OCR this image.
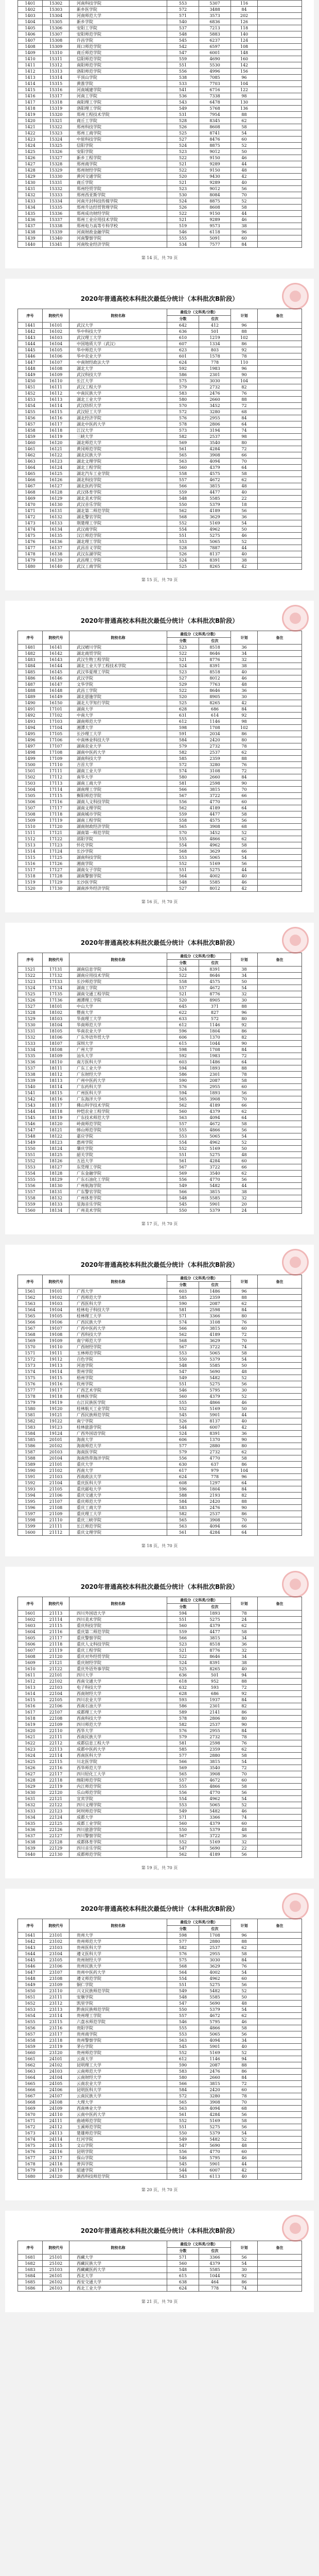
1401	15302	河南科技学院	553	5307	116	
1402	15303	新乡医学院	572	3488	84	
1403	15304	河南师范大学	571	3573	202	
1404	15305	新乡学院	540	6836	126	
1405	15306	安阳工学院	537	7213	118	
1406	15307	安阳师范学院	548	5883	140	
1407	15308	许昌学院	545	6237	124	
1408	15309	周口师范学院	542	6597	108	
1409	15310	商丘师范学院	547	6001	148	
1410	15311	信阳师范学院	559	4690	160	
1411	15312	南阳师范学院	551	5530	142	
1412	15313	洛阳师范学院	556	4996	156	
1413	15314	平顶山学院	538	7085	96	
1414	15315	黄淮学院	533	7703	104	
1415	15316	河南城建学院	541	6716	122	
1416	15317	河南工学院	536	7338	98	
1417	15318	南阳理工学院	543	6478	130	
1418	15319	洛阳理工学院	549	5768	136	
1419	15320	郑州工程技术学院	531	7954	88	
1420	15321	商丘工学院	528	8345	62	
1421	15322	郑州科技学院	526	8608	58	
1422	15323	郑州工商学院	525	8741	54	
1423	15324	中原科技学院	527	8476	60	
1424	15325	信阳学院	524	8875	52	
1425	15326	安阳学院	523	9012	50	
1426	15327	新乡工程学院	522	9150	46	
1427	15328	郑州商学院	521	9289	44	
1428	15329	郑州财经学院	522	9150	48	
1429	15330	黄河交通学院	520	9430	42	
1430	15331	商丘学院	521	9289	40	
1431	15332	郑州经贸学院	523	9012	56	
1432	15333	郑州西亚斯学院	530	8084	70	
1433	15334	河南开封科技传媒学院	524	8875	52	
1434	15335	郑州升达经贸管理学院	526	8608	58	
1435	15336	郑州成功财经学院	522	9150	44	
1436	15337	郑州工业应用技术学院	521	9289	46	
1437	15338	郑州电力高等专科学校	519	9573	38	
1438	15339	河南财政金融学院	546	6118	96	
1439	15340	河南警察学院	555	5091	60	
1440	15341	河南牧业经济学院	534	7577	84	
第 14 页，共 70 页
2020年普通高校本科批次最低分统计（本科批次B阶段）
序号	院校代号	院校名称	最低分（文科类/分数）		计划	备注
			分数	位次		
1441	16101	武汉大学	642	412	96	
1442	16102	华中科技大学	636	501	88	
1443	16103	武汉理工大学	610	1219	102	
1444	16104	中国地质大学（武汉）	607	1334	86	
1445	16105	华中师范大学	623	803	92	
1446	16106	华中农业大学	601	1578	78	
1447	16107	中南财经政法大学	624	778	110	
1448	16108	湖北大学	592	1983	96	
1449	16109	武汉科技大学	586	2301	90	
1450	16110	长江大学	575	3030	104	
1451	16111	武汉工程大学	579	2732	82	
1452	16112	中南民族大学	583	2476	76	
1453	16113	湖北工业大学	580	2660	88	
1454	16114	武汉纺织大学	570	3452	72	
1455	16115	武汉轻工大学	572	3280	68	
1456	16116	湖北经济学院	576	2955	84	
1457	16117	湖北中医药大学	578	2806	64	
1458	16118	江汉大学	573	3194	74	
1459	16119	三峡大学	582	2537	98	
1460	16120	湖北师范大学	569	3540	80	
1461	16121	黄冈师范学院	561	4284	72	
1462	16122	湖北民族大学	565	3908	66	
1463	16123	湖北文理学院	563	4094	70	
1464	16124	湖北工程学院	560	4379	64	
1465	16125	湖北汽车工业学院	558	4575	58	
1466	16126	湖北科技学院	557	4672	62	
1467	16127	湖北医药学院	566	3815	48	
1468	16128	武汉体育学院	559	4477	40	
1469	16129	湖北美术学院	548	5585	22	
1470	16130	武汉音乐学院	550	5379	18	
1471	16131	湖北第二师范学院	562	4189	56	
1472	16132	湖北警官学院	568	3629	36	
1473	16133	荆楚理工学院	552	5169	54	
1474	16134	武汉商学院	554	4962	50	
1475	16135	汉江师范学院	551	5275	46	
1476	16136	湖北理工学院	553	5065	52	
1477	16137	武昌首义学院	528	7887	44	
1478	16138	武汉东湖学院	526	8137	40	
1479	16139	武昌理工学院	524	8391	38	
1480	16140	武汉工商学院	525	8265	42	
第 15 页，共 70 页
2020年普通高校本科批次最低分统计（本科批次B阶段）
序号	院校代号	院校名称	最低分（文科类/分数）		计划	备注
			分数	位次		
1481	16141	武汉晴川学院	523	8518	36	
1482	16142	湖北商贸学院	522	8646	34	
1483	16143	武汉生物工程学院	521	8776	32	
1484	16144	湖北工业大学工程技术学院	524	8391	38	
1485	16145	武汉华夏理工学院	523	8518	40	
1486	16146	武汉学院	527	8012	46	
1487	16147	文华学院	529	7763	48	
1488	16148	武昌工学院	522	8646	36	
1489	16149	湖北恩施学院	520	8905	30	
1490	16150	湖北大学知行学院	525	8265	42	
1491	17101	湖南大学	628	686	84	
1492	17102	中南大学	631	614	92	
1493	17103	湖南师范大学	612	1146	98	
1494	17104	湘潭大学	598	1708	102	
1495	17105	长沙理工大学	591	2034	86	
1496	17106	中南林业科技大学	584	2420	80	
1497	17107	湖南农业大学	579	2732	78	
1498	17108	湖南中医药大学	582	2537	62	
1499	17109	湖南科技大学	585	2359	88	
1500	17110	吉首大学	572	3280	76	
1501	17111	湖南工业大学	574	3108	72	
1502	17112	南华大学	580	2660	84	
1503	17113	湖南工商大学	581	2598	90	
1504	17114	湖南理工学院	566	3815	70	
1505	17115	衡阳师范学院	567	3722	66	
1506	17116	湖南人文科技学院	556	4770	60	
1507	17117	湖南文理学院	562	4189	64	
1508	17118	湖南城市学院	559	4477	58	
1509	17119	湖南工程学院	558	4575	56	
1510	17120	湖南财政经济学院	565	3908	68	
1511	17121	湖南第一师范学院	570	3452	52	
1512	17122	邵阳学院	555	4866	62	
1513	17123	怀化学院	554	4962	58	
1514	17124	长沙学院	568	3629	66	
1515	17125	湖南科技学院	553	5065	54	
1516	17126	湘南学院	552	5169	56	
1517	17127	湖南女子学院	551	5275	44	
1518	17128	湖南警察学院	564	4002	40	
1519	17129	长沙医学院	548	5585	46	
1520	17130	湖南涉外经济学院	527	8012	42	
第 16 页，共 70 页
2020年普通高校本科批次最低分统计（本科批次B阶段）
序号	院校代号	院校名称	最低分（文科类/分数）		计划	备注
			分数	位次		
1521	17131	湖南信息学院	524	8391	38	
1522	17132	湖南应用技术学院	522	8646	34	
1523	17133	长沙师范学院	558	4575	50	
1524	17134	湖南工学院	557	4672	54	
1525	17135	湖南交通工程学院	521	8776	32	
1526	17136	湘潭理工学院	520	8905	30	
1527	18101	中山大学	645	371	88	
1528	18102	暨南大学	622	827	96	
1529	18103	华南理工大学	633	572	80	
1530	18104	华南师范大学	612	1146	92	
1531	18105	华南农业大学	596	1804	86	
1532	18106	广东外语外贸大学	606	1370	82	
1533	18107	深圳大学	615	1044	90	
1534	18108	广州大学	598	1708	84	
1535	18109	汕头大学	592	1983	72	
1536	18110	南方医科大学	603	1486	64	
1537	18111	广东工业大学	594	1893	88	
1538	18112	广东财经大学	586	2301	78	
1539	18113	广州中医药大学	590	2087	58	
1540	18114	广东药科大学	576	2955	60	
1541	18115	广州医科大学	594	1893	56	
1542	18116	广东海洋大学	565	3908	70	
1543	18117	佛山科学技术学院	562	4189	66	
1544	18118	仲恺农业工程学院	560	4379	62	
1545	18119	广东技术师范大学	563	4094	64	
1546	18120	岭南师范学院	557	4672	58	
1547	18121	韩山师范学院	555	4866	56	
1548	18122	嘉应学院	553	5065	54	
1549	18123	惠州学院	554	4962	52	
1550	18124	肇庆学院	552	5169	50	
1551	18125	韶关学院	551	5275	48	
1552	18126	五邑大学	561	4284	60	
1553	18127	东莞理工学院	567	3722	66	
1554	18128	广东金融学院	569	3540	62	
1555	18129	广东石油化工学院	556	4770	56	
1556	18130	广州航海学院	549	5482	44	
1557	18131	广东警官学院	566	3815	38	
1558	18132	广州体育学院	548	5585	32	
1559	18133	星海音乐学院	545	5901	20	
1560	18134	广州美术学院	550	5379	24	
第 17 页，共 70 页
2020年普通高校本科批次最低分统计（本科批次B阶段）
序号	院校代号	院校名称	最低分（文科类/分数）		计划	备注
			分数	位次		
1561	19101	广西大学	603	1486	96	
1562	19102	广西师范大学	585	2359	88	
1563	19103	广西医科大学	590	2087	62	
1564	19104	桂林电子科技大学	581	2598	84	
1565	19105	桂林理工大学	571	3366	80	
1566	19106	广西民族大学	574	3108	76	
1567	19107	广西中医药大学	566	3815	60	
1568	19108	广西科技大学	562	4189	72	
1569	19109	南宁师范大学	568	3629	70	
1570	19110	广西财经学院	567	3722	74	
1571	19111	玉林师范学院	553	5065	58	
1572	19112	百色学院	550	5379	54	
1573	19113	河池学院	548	5585	50	
1574	19114	贺州学院	547	5690	48	
1575	19115	梧州学院	549	5482	52	
1576	19116	钦州学院	551	5275	56	
1577	19117	广西艺术学院	546	5795	30	
1578	19118	桂林医学院	560	4379	52	
1579	19119	右江民族医学院	555	4866	46	
1580	19120	桂林航天工业学院	552	5169	50	
1581	19121	广西民族师范学院	545	5901	44	
1582	19122	南宁学院	526	8137	40	
1583	19123	桂林旅游学院	544	6007	42	
1584	19124	广西外国语学院	524	8391	36	
1585	20101	海南大学	606	1370	90	
1586	20102	海南师范大学	577	2880	80	
1587	20103	海南医学院	579	2732	62	
1588	20104	海南热带海洋学院	556	4770	58	
1589	21101	重庆大学	630	637	86	
1590	21102	西南大学	617	979	104	
1591	21103	西南政法大学	624	778	96	
1592	21104	重庆医科大学	608	1297	64	
1593	21105	重庆邮电大学	596	1804	84	
1594	21106	重庆交通大学	588	2193	82	
1595	21107	重庆师范大学	584	2420	88	
1596	21108	重庆工商大学	583	2476	90	
1597	21109	重庆理工大学	582	2537	86	
1598	21110	重庆三峡学院	565	3908	70	
1599	21111	长江师范学院	563	4094	66	
1600	21112	重庆文理学院	561	4284	64	
第 18 页，共 70 页
2020年普通高校本科批次最低分统计（本科批次B阶段）
序号	院校代号	院校名称	最低分（文科类/分数）		计划	备注
			分数	位次		
1601	21113	四川外国语大学	594	1893	78	
1602	21114	四川美术学院	551	5275	24	
1603	21115	重庆科技学院	560	4379	62	
1604	21116	重庆第二师范学院	559	4477	58	
1605	21117	重庆警察学院	566	3815	34	
1606	21118	重庆人文科技学院	523	8518	36	
1607	21119	重庆工程学院	521	8776	32	
1608	21120	重庆对外经贸学院	522	8646	34	
1609	21121	重庆财经学院	524	8391	38	
1610	21122	重庆外语外事学院	525	8265	40	
1611	22101	四川大学	636	501	94	
1612	22102	西南交通大学	618	952	88	
1613	22103	电子科技大学	632	593	72	
1614	22104	西南财经大学	628	686	92	
1615	22105	四川农业大学	593	1937	84	
1616	22106	西南石油大学	586	2301	82	
1617	22107	成都理工大学	589	2141	86	
1618	22108	西南科技大学	578	2806	80	
1619	22109	四川师范大学	582	2537	90	
1620	22110	西华大学	576	2955	84	
1621	22111	西南民族大学	579	2732	78	
1622	22112	成都信息工程大学	581	2598	76	
1623	22113	成都中医药大学	585	2359	62	
1624	22114	西南医科大学	577	2880	58	
1625	22115	川北医学院	566	3815	54	
1626	22116	西华师范大学	569	3540	72	
1627	22117	四川轻化工大学	565	3908	70	
1628	22118	绵阳师范学院	557	4672	60	
1629	22119	内江师范学院	555	4866	58	
1630	22120	乐山师范学院	556	4770	56	
1631	22121	宜宾学院	554	4962	54	
1632	22122	四川文理学院	553	5065	52	
1633	22123	阿坝师范学院	549	5482	46	
1634	22124	成都大学	571	3366	74	
1635	22125	成都工业学院	560	4379	60	
1636	22126	四川旅游学院	550	5379	48	
1637	22127	四川警察学院	567	3722	36	
1638	22128	成都体育学院	552	5169	32	
1639	22129	四川音乐学院	547	5690	22	
1640	22130	成都师范学院	562	4189	56	
第 19 页，共 70 页
2020年普通高校本科批次最低分统计（本科批次B阶段）
序号	院校代号	院校名称	最低分（文科类/分数）		计划	备注
			分数	位次		
1641	23101	贵州大学	598	1708	96	
1642	23102	贵州师范大学	577	2880	88	
1643	23103	贵州医科大学	582	2537	62	
1644	23104	遵义医科大学	576	2955	58	
1645	23105	贵州财经大学	575	3030	84	
1646	23106	贵州民族大学	568	3629	76	
1647	23107	贵州中医药大学	564	4002	54	
1648	23108	遵义师范学院	554	4962	60	
1649	23109	铜仁学院	551	5275	56	
1650	23110	兴义民族师范学院	549	5482	52	
1651	23111	安顺学院	548	5585	50	
1652	23112	凯里学院	547	5690	48	
1653	23113	黔南民族师范学院	550	5379	54	
1654	23114	贵州理工学院	557	4672	62	
1655	23115	六盘水师范学院	546	5795	46	
1656	23116	贵阳学院	555	4866	58	
1657	23117	贵州商学院	553	5065	56	
1658	23118	贵州警察学院	563	4094	34	
1659	23119	茅台学院	545	5901	40	
1660	23120	贵州师范学院	552	5169	52	
1661	24101	云南大学	612	1146	94	
1662	24102	昆明理工大学	590	2087	88	
1663	24103	云南师范大学	583	2476	86	
1664	24104	云南财经大学	580	2660	84	
1665	24105	云南农业大学	566	3815	72	
1666	24106	昆明医科大学	584	2420	60	
1667	24107	云南民族大学	572	3280	78	
1668	24108	大理大学	565	3908	70	
1669	24109	西南林业大学	563	4094	68	
1670	24110	云南中医药大学	561	4284	56	
1671	24111	曲靖师范学院	552	5169	58	
1672	24112	玉溪师范学院	551	5275	56	
1673	24113	楚雄师范学院	550	5379	54	
1674	24114	红河学院	549	5482	52	
1675	24115	文山学院	547	5690	48	
1676	24116	昆明学院	556	4770	60	
1677	24117	保山学院	546	5795	46	
1678	24118	普洱学院	545	5901	44	
1679	24119	昭通学院	544	6007	42	
1680	24120	滇西科技师范学院	543	6113	40	
第 20 页，共 70 页
2020年普通高校本科批次最低分统计（本科批次B阶段）
序号	院校代号	院校名称	最低分（文科类/分数）		计划	备注
			分数	位次		
1681	25101	西藏大学	571	3366	56	
1682	25102	西藏民族大学	560	4379	54	
1683	25103	西藏藏医药大学	548	5585	30	
1684	26101	西北大学	615	1044	92	
1685	26102	西安交通大学	638	464	86	
1686	26103	西北工业大学	624	778	74	
第 21 页，共 70 页
